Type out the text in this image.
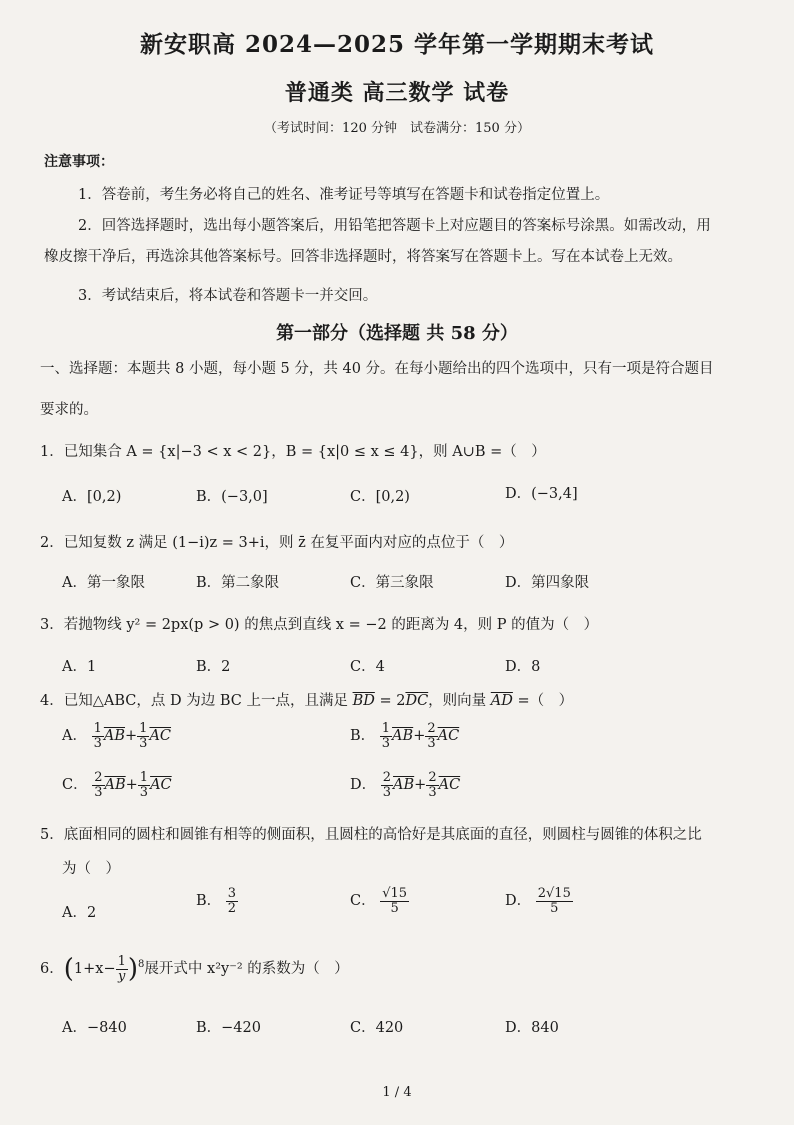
新安职高 2024—2025 学年第一学期期末考试
普通类 高三数学 试卷
（考试时间：120 分钟　试卷满分：150 分）
注意事项：
1．答卷前，考生务必将自己的姓名、准考证号等填写在答题卡和试卷指定位置上。
2．回答选择题时，选出每小题答案后，用铅笔把答题卡上对应题目的答案标号涂黑。如需改动，用
橡皮擦干净后，再选涂其他答案标号。回答非选择题时，将答案写在答题卡上。写在本试卷上无效。
3．考试结束后，将本试卷和答题卡一并交回。
第一部分（选择题 共 58 分）
一、选择题：本题共 8 小题，每小题 5 分，共 40 分。在每小题给出的四个选项中，只有一项是符合题目
要求的。
1．已知集合 A = {x|−3 < x < 2}，B = {x|0 ≤ x ≤ 4}，则 A∪B =（　）
A．[0,2)	B．(−3,0]	C．[0,2)	D．(−3,4]
2．已知复数 z 满足 (1−i)z = 3+i，则 z̄ 在复平面内对应的点位于（　）
A．第一象限	B．第二象限	C．第三象限	D．第四象限
3．若抛物线 y² = 2px(p > 0) 的焦点到直线 x = −2 的距离为 4，则 P 的值为（　）
A．1	B．2	C．4	D．8
4．已知△ABC，点 D 为边 BC 上一点，且满足 $\overline{BD} = 2\overline{DC}$，则向量 $\overline{AD}$ =（　）
A． $\frac{1}{3} \overline{AB}+ \frac{1}{3} \overline{AC}$	B． $\frac{1}{3} \overline{AB}+ \frac{2}{3} \overline{AC}$
C． $\frac{2}{3} \overline{AB}+ \frac{1}{3} \overline{AC}$	D． $\frac{2}{3} \overline{AB}+ \frac{2}{3} \overline{AC}$
5．底面相同的圆柱和圆锥有相等的侧面积，且圆柱的高恰好是其底面的直径，则圆柱与圆锥的体积之比
为（　）
A．2
B． $\frac{3}{2}$	C． $\frac{√15}{5}$	D． $\frac{2√15}{5}$
6．$(1+x- \frac{1}{y} )^8$展开式中 x²y⁻² 的系数为（　）
A．−840	B．−420	C．420	D．840
1 / 4
